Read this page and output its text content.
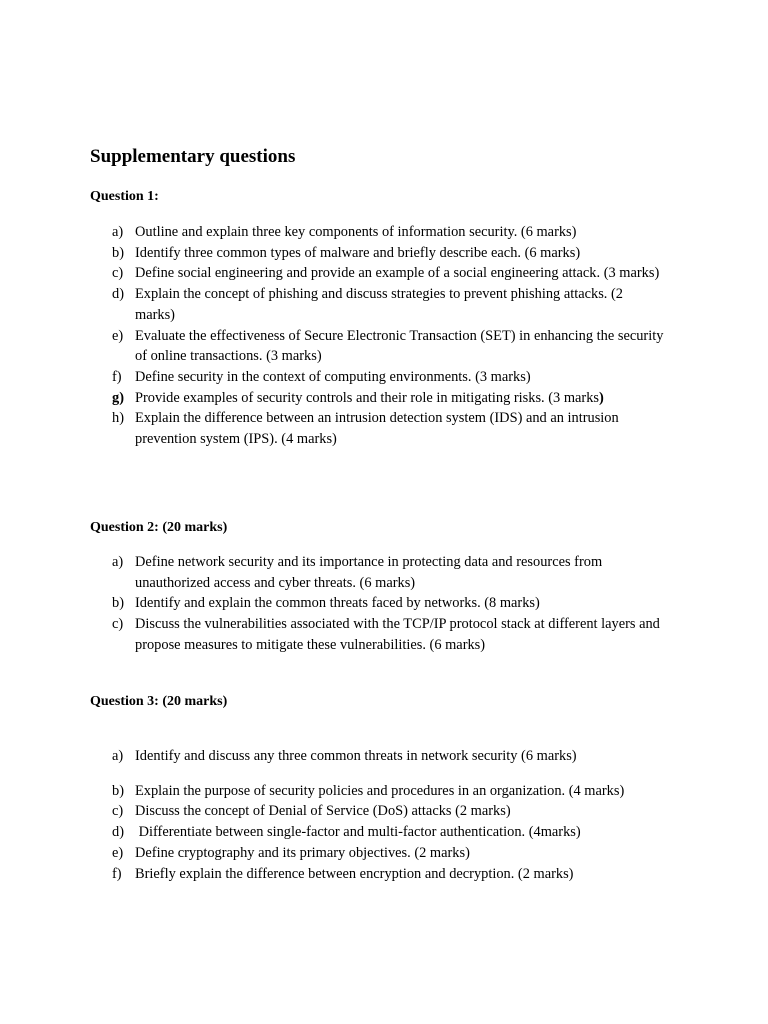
Supplementary questions

Question 1:

a) Outline and explain three key components of information security. (6 marks)
b) Identify three common types of malware and briefly describe each. (6 marks)
c) Define social engineering and provide an example of a social engineering attack. (3 marks)
d) Explain the concept of phishing and discuss strategies to prevent phishing attacks. (2 marks)
e) Evaluate the effectiveness of Secure Electronic Transaction (SET) in enhancing the security of online transactions. (3 marks)
f) Define security in the context of computing environments. (3 marks)
g) Provide examples of security controls and their role in mitigating risks. (3 marks)
h) Explain the difference between an intrusion detection system (IDS) and an intrusion prevention system (IPS). (4 marks)

Question 2: (20 marks)

a) Define network security and its importance in protecting data and resources from unauthorized access and cyber threats. (6 marks)
b) Identify and explain the common threats faced by networks. (8 marks)
c) Discuss the vulnerabilities associated with the TCP/IP protocol stack at different layers and propose measures to mitigate these vulnerabilities. (6 marks)

Question 3: (20 marks)

a) Identify and discuss any three common threats in network security (6 marks)
b) Explain the purpose of security policies and procedures in an organization. (4 marks)
c) Discuss the concept of Denial of Service (DoS) attacks (2 marks)
d) Differentiate between single-factor and multi-factor authentication. (4marks)
e) Define cryptography and its primary objectives. (2 marks)
f) Briefly explain the difference between encryption and decryption. (2 marks)
